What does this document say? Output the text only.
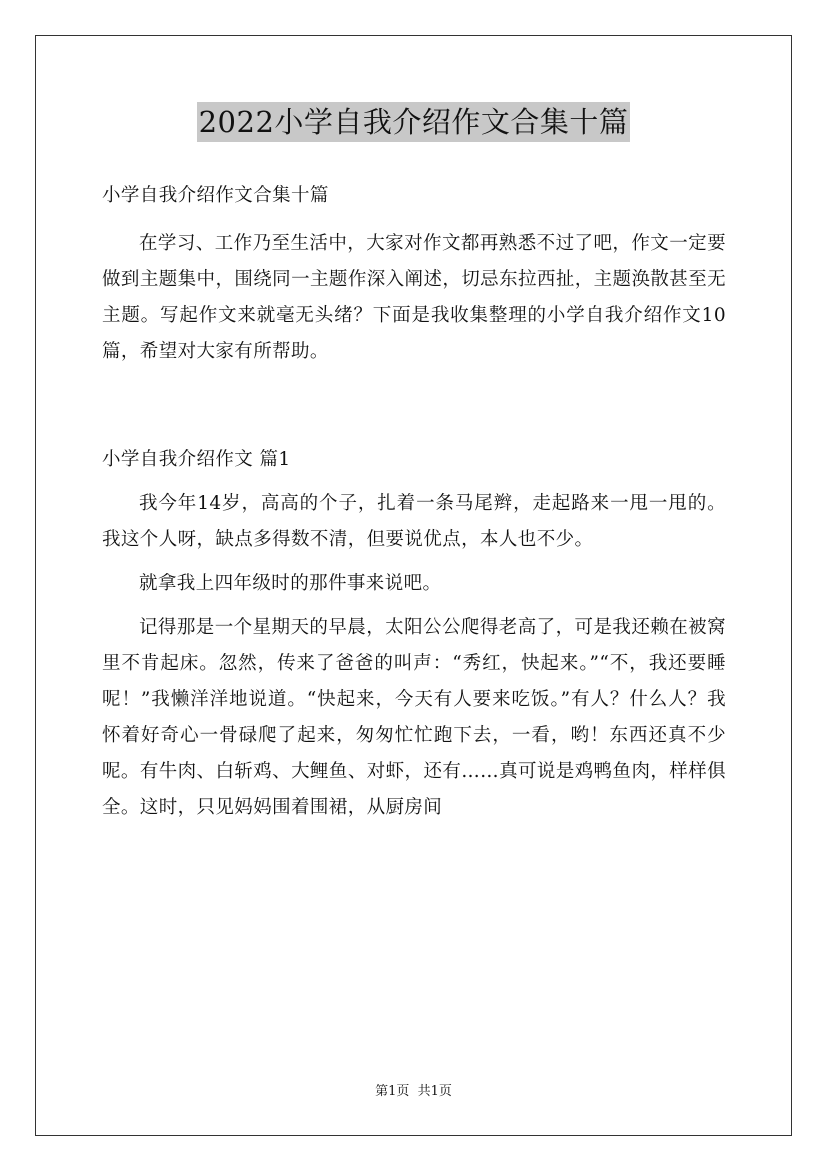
2022小学自我介绍作文合集十篇

小学自我介绍作文合集十篇

在学习、工作乃至生活中，大家对作文都再熟悉不过了吧，作文一定要做到主题集中，围绕同一主题作深入阐述，切忌东拉西扯，主题涣散甚至无主题。写起作文来就毫无头绪？下面是我收集整理的小学自我介绍作文10篇，希望对大家有所帮助。

小学自我介绍作文 篇1

我今年14岁，高高的个子，扎着一条马尾辫，走起路来一甩一甩的。我这个人呀，缺点多得数不清，但要说优点，本人也不少。

就拿我上四年级时的那件事来说吧。

记得那是一个星期天的早晨，太阳公公爬得老高了，可是我还赖在被窝里不肯起床。忽然，传来了爸爸的叫声：“秀红，快起来。”“不，我还要睡呢！”我懒洋洋地说道。“快起来，今天有人要来吃饭。”有人？什么人？我怀着好奇心一骨碌爬了起来，匆匆忙忙跑下去，一看，哟！东西还真不少呢。有牛肉、白斩鸡、大鲤鱼、对虾，还有……真可说是鸡鸭鱼肉，样样俱全。这时，只见妈妈围着围裙，从厨房间

第1页  共1页
